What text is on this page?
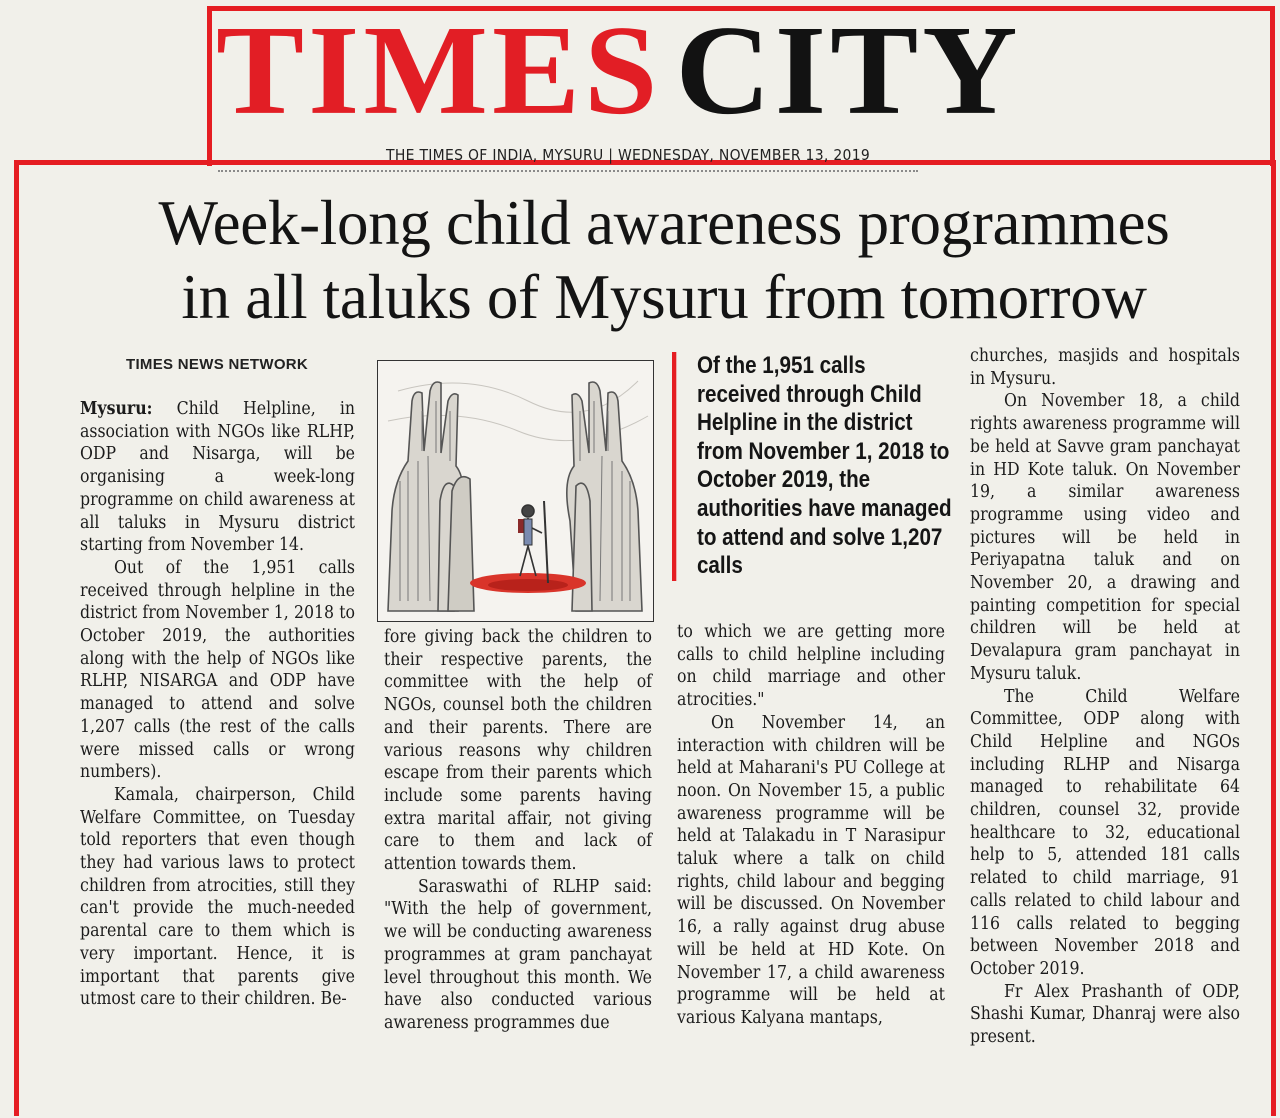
TIMES CITY
THE TIMES OF INDIA, MYSURU | WEDNESDAY, NOVEMBER 13, 2019
Week-long child awareness programmes
in all taluks of Mysuru from tomorrow
TIMES NEWS NETWORK

Mysuru: Child Helpline, in association with NGOs like RLHP, ODP and Nisarga, will be organising a week-long programme on child awareness at all taluks in Mysuru district starting from November 14.

Out of the 1,951 calls received through helpline in the district from November 1, 2018 to October 2019, the authorities along with the help of NGOs like RLHP, NISARGA and ODP have managed to attend and solve 1,207 calls (the rest of the calls were missed calls or wrong numbers).

Kamala, chairperson, Child Welfare Committee, on Tuesday told reporters that even though they had various laws to protect children from atrocities, still they can't provide the much-needed parental care to them which is very important. Hence, it is important that parents give utmost care to their children. Be-

Of the 1,951 calls received through Child Helpline in the district from November 1, 2018 to October 2019, the authorities have managed to attend and solve 1,207 calls

fore giving back the children to their respective parents, the committee with the help of NGOs, counsel both the children and their parents. There are various reasons why children escape from their parents which include some parents having extra marital affair, not giving care to them and lack of attention towards them.

Saraswathi of RLHP said: "With the help of government, we will be conducting awareness programmes at gram panchayat level throughout this month. We have also conducted various awareness programmes due

to which we are getting more calls to child helpline including on child marriage and other atrocities."

On November 14, an interaction with children will be held at Maharani's PU College at noon. On November 15, a public awareness programme will be held at Talakadu in T Narasipur taluk where a talk on child rights, child labour and begging will be discussed. On November 16, a rally against drug abuse will be held at HD Kote. On November 17, a child awareness programme will be held at various Kalyana mantaps,

churches, masjids and hospitals in Mysuru.

On November 18, a child rights awareness programme will be held at Savve gram panchayat in HD Kote taluk. On November 19, a similar awareness programme using video and pictures will be held in Periyapatna taluk and on November 20, a drawing and painting competition for special children will be held at Devalapura gram panchayat in Mysuru taluk.

The Child Welfare Committee, ODP along with Child Helpline and NGOs including RLHP and Nisarga managed to rehabilitate 64 children, counsel 32, provide healthcare to 32, educational help to 5, attended 181 calls related to child marriage, 91 calls related to child labour and 116 calls related to begging between November 2018 and October 2019.

Fr Alex Prashanth of ODP, Shashi Kumar, Dhanraj were also present.
